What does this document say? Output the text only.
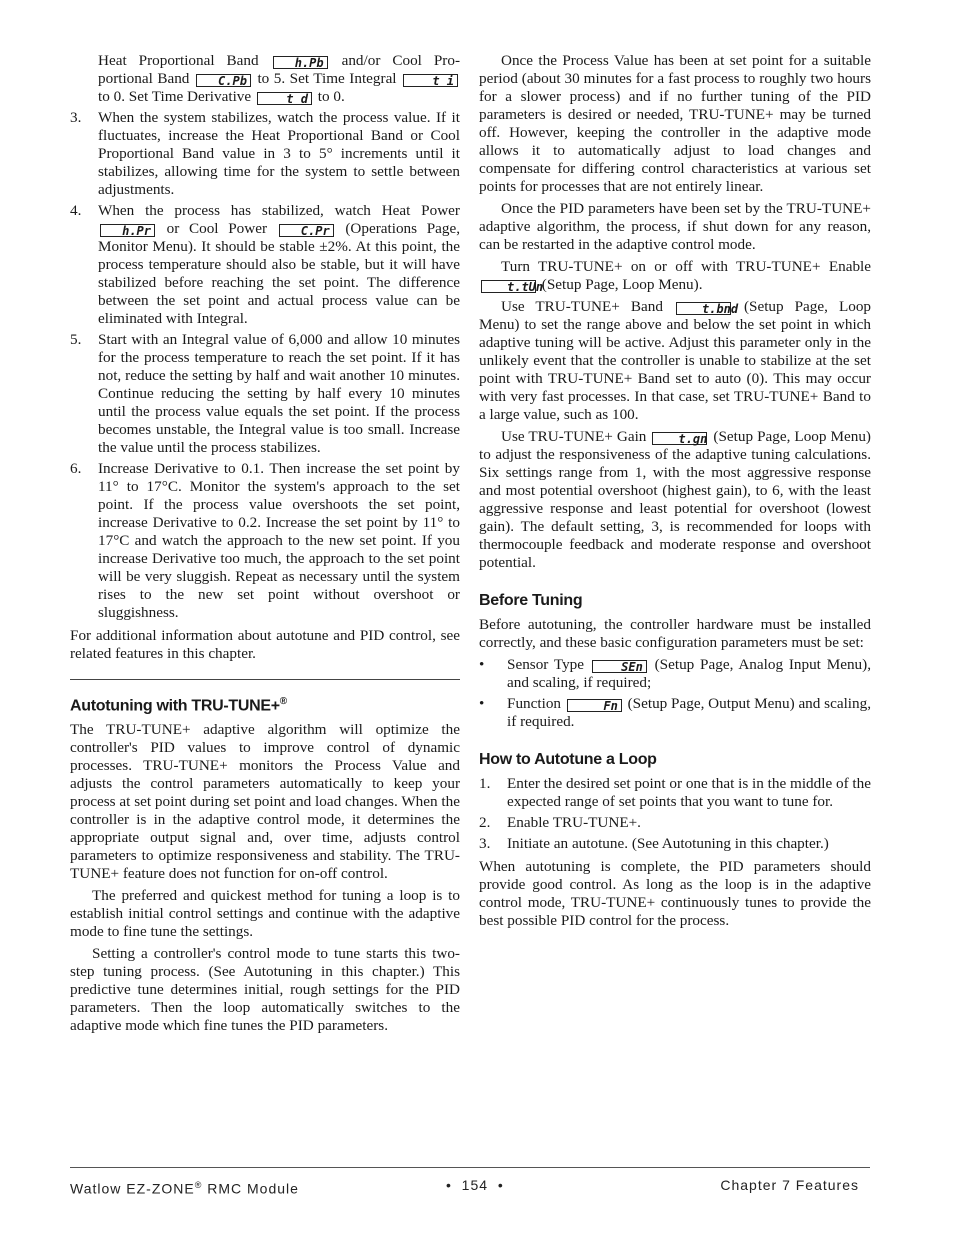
Heat Proportional Band	h.Pb and/or Cool Pro-portional Band C.Pb to 5. Set Time Integral	t i to 0. Set Time Derivative	t d to 0.

3. When the system stabilizes, watch the process value. If it fluctuates, increase the Heat Proportional Band or Cool Proportional Band value in 3 to 5° increments until it stabilizes, allowing time for the system to settle between adjustments.
4. When the process has stabilized, watch Heat Power h.Pr or Cool Power	C.Pr (Operations Page, Monitor Menu). It should be stable ±2%. At this point, the process temperature should also be stable, but it will have stabilized before reaching the set point. The difference between the set point and actual process value can be eliminated with Integral.
5. Start with an Integral value of 6,000 and allow 10 minutes for the process temperature to reach the set point. If it has not, reduce the setting by half and wait another 10 minutes. Continue reducing the setting by half every 10 minutes until the process value equals the set point. If the process becomes unstable, the Integral value is too small. Increase the value until the process stabilizes.
6. Increase Derivative to 0.1. Then increase the set point by 11° to 17°C. Monitor the system's approach to the set point. If the process value overshoots the set point, increase Derivative to 0.2. Increase the set point by 11° to 17°C and watch the approach to the new set point. If you increase Derivative too much, the approach to the set point will be very sluggish. Repeat as necessary until the system rises to the new set point without overshoot or sluggishness.

For additional information about autotune and PID control, see related features in this chapter.

Autotuning with TRU-TUNE+®

The TRU-TUNE+ adaptive algorithm will optimize the controller's PID values to improve control of dynamic processes. TRU-TUNE+ monitors the Process Value and adjusts the control parameters automatically to keep your process at set point during set point and load changes. When the controller is in the adaptive control mode, it determines the appropriate output signal and, over time, adjusts control parameters to optimize responsiveness and stability. The TRU-TUNE+ feature does not function for on-off control.

The preferred and quickest method for tuning a loop is to establish initial control settings and continue with the adaptive mode to fine tune the settings.

Setting a controller's control mode to tune starts this two-step tuning process. (See Autotuning in this chapter.) This predictive tune determines initial, rough settings for the PID parameters. Then the loop automatically switches to the adaptive mode which fine tunes the PID parameters.

Once the Process Value has been at set point for a suitable period (about 30 minutes for a fast process to roughly two hours for a slower process) and if no further tuning of the PID parameters is desired or needed, TRU-TUNE+ may be turned off. However, keeping the controller in the adaptive mode allows it to automatically adjust to load changes and compensate for differing control characteristics at various set points for processes that are not entirely linear.

Once the PID parameters have been set by the TRU-TUNE+ adaptive algorithm, the process, if shut down for any reason, can be restarted in the adaptive control mode.

Turn TRU-TUNE+ on or off with TRU-TUNE+ Enable t.tUn (Setup Page, Loop Menu).

Use TRU-TUNE+ Band	t.bnd (Setup Page, Loop Menu) to set the range above and below the set point in which adaptive tuning will be active. Adjust this parameter only in the unlikely event that the controller is unable to stabilize at the set point with TRU-TUNE+ Band set to auto (0). This may occur with very fast processes. In that case, set TRU-TUNE+ Band to a large value, such as 100.

Use TRU-TUNE+ Gain	t.gn (Setup Page, Loop Menu) to adjust the responsiveness of the adaptive tuning calculations. Six settings range from 1, with the most aggressive response and most potential overshoot (highest gain), to 6, with the least aggressive response and least potential for overshoot (lowest gain). The default setting, 3, is recommended for loops with thermocouple feedback and moderate response and overshoot potential.

Before Tuning

Before autotuning, the controller hardware must be installed correctly, and these basic configuration parameters must be set:

• Sensor Type	SEn (Setup Page, Analog Input Menu), and scaling, if required;
• Function	Fn (Setup Page, Output Menu) and scaling, if required.
How to Autotune a Loop
1. Enter the desired set point or one that is in the middle of the expected range of set points that you want to tune for.
2. Enable TRU-TUNE+.
3. Initiate an autotune. (See Autotuning in this chapter.)

When autotuning is complete, the PID parameters should provide good control. As long as the loop is in the adaptive control mode, TRU-TUNE+ continuously tunes to provide the best possible PID control for the process.

Watlow EZ-ZONE® RMC Module	•  154  •	Chapter 7 Features
